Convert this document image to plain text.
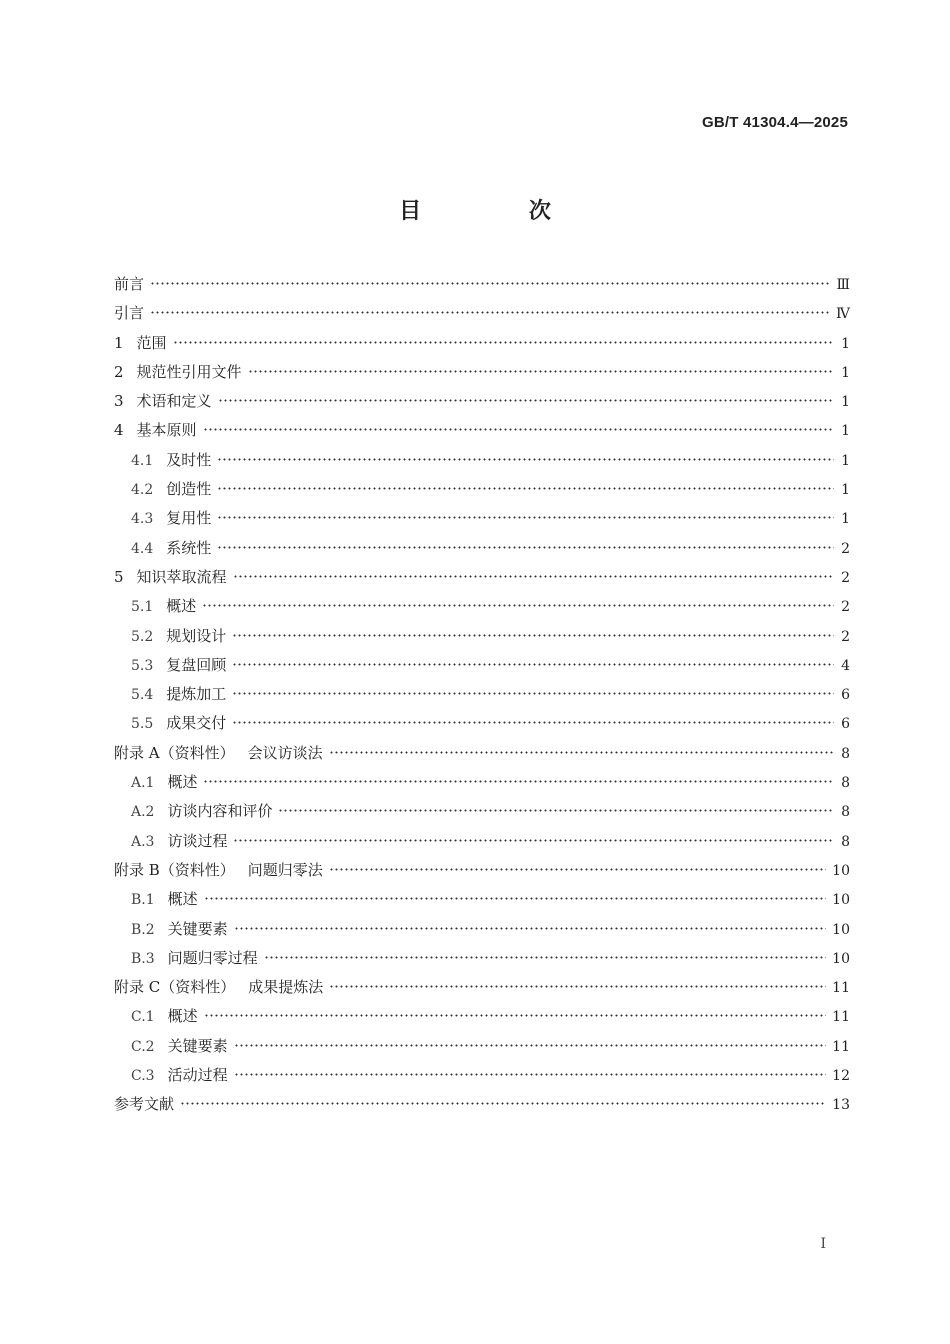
GB/T 41304.4—2025
目 次
前言	Ⅲ
引言	Ⅳ
1 范围	1
2 规范性引用文件	1
3 术语和定义	1
4 基本原则	1
4.1 及时性	1
4.2 创造性	1
4.3 复用性	1
4.4 系统性	2
5 知识萃取流程	2
5.1 概述	2
5.2 规划设计	2
5.3 复盘回顾	4
5.4 提炼加工	6
5.5 成果交付	6
附录 A（资料性） 会议访谈法	8
A.1 概述	8
A.2 访谈内容和评价	8
A.3 访谈过程	8
附录 B（资料性） 问题归零法	10
B.1 概述	10
B.2 关键要素	10
B.3 问题归零过程	10
附录 C（资料性） 成果提炼法	11
C.1 概述	11
C.2 关键要素	11
C.3 活动过程	12
参考文献	13
I
